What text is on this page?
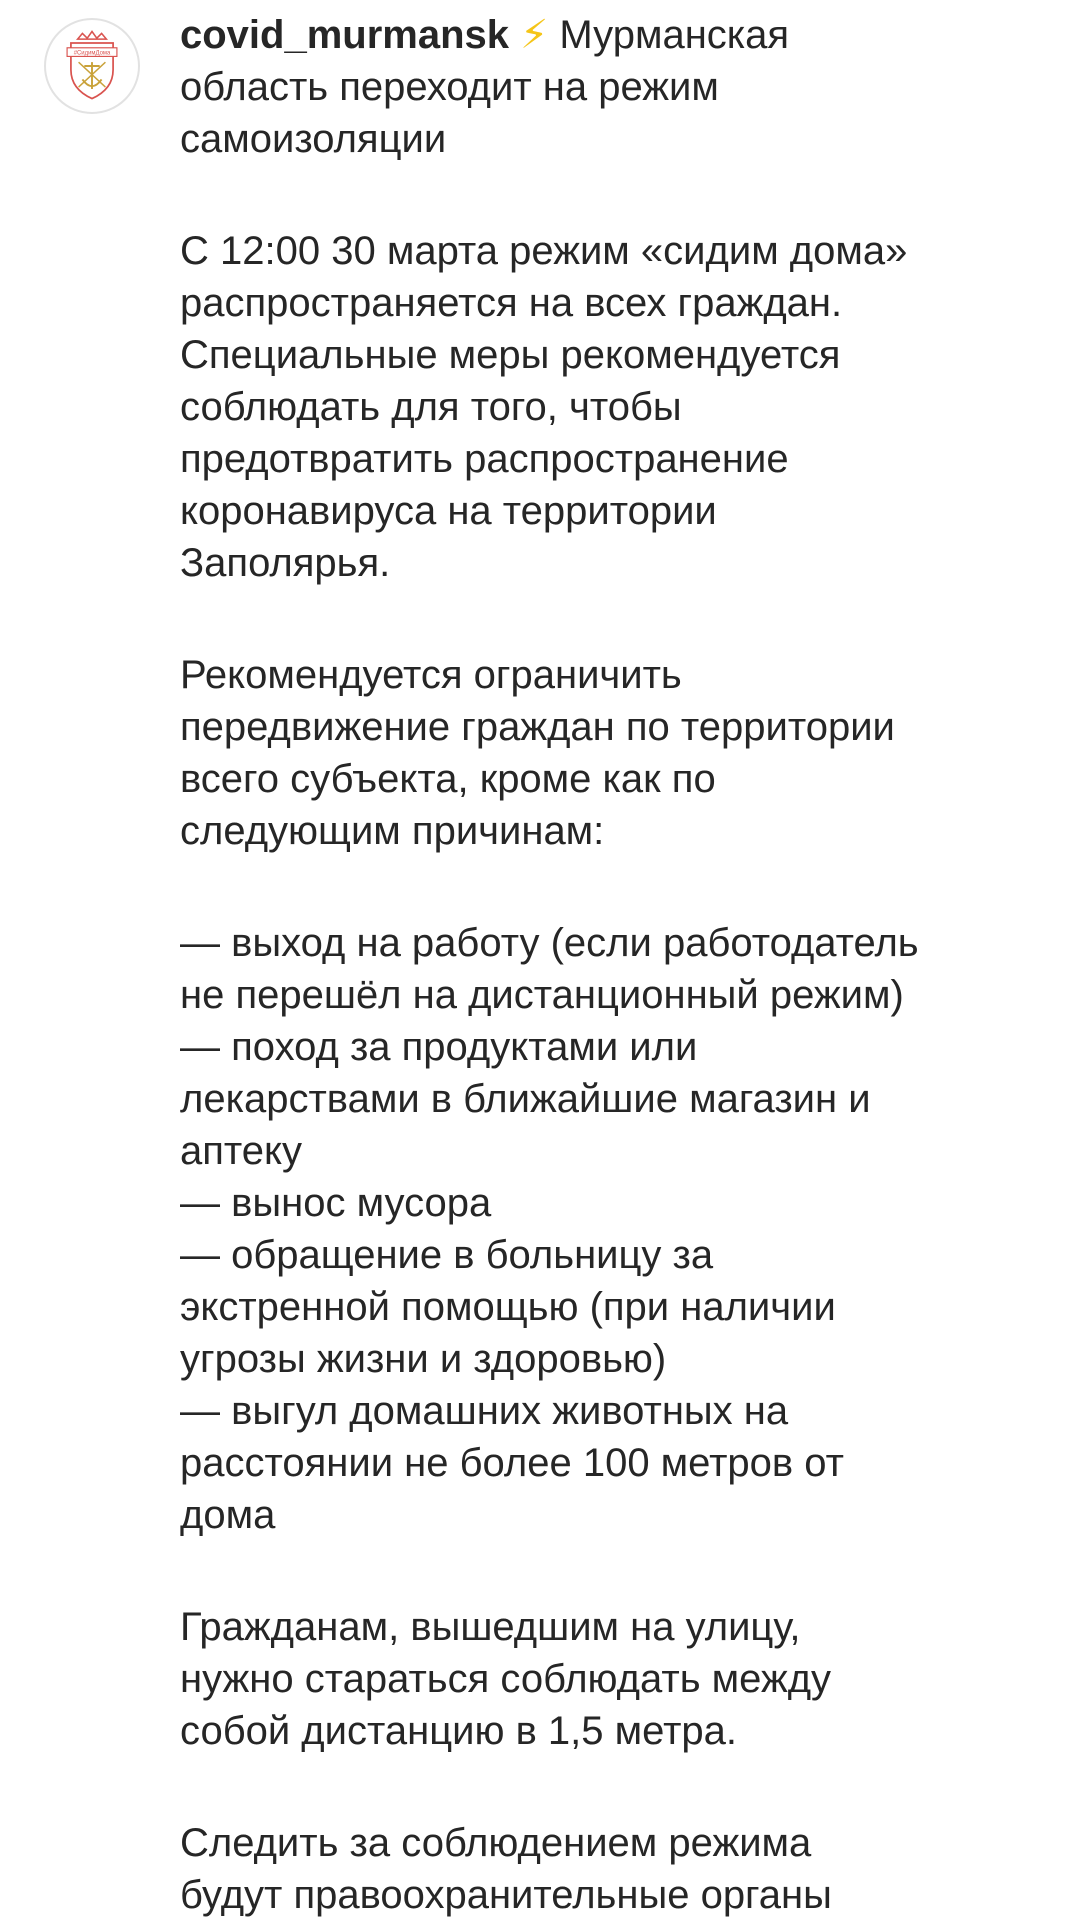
#СидимДома covid_murmansk ⚡ Мурманская
область переходит на режим
самоизоляции
С 12:00 30 марта режим «сидим дома»
распространяется на всех граждан.
Специальные меры рекомендуется
соблюдать для того, чтобы
предотвратить распространение
коронавируса на территории
Заполярья.
Рекомендуется ограничить
передвижение граждан по территории
всего субъекта, кроме как по
следующим причинам:
— выход на работу (если работодатель
не перешёл на дистанционный режим)
— поход за продуктами или
лекарствами в ближайшие магазин и
аптеку
— вынос мусора
— обращение в больницу за
экстренной помощью (при наличии
угрозы жизни и здоровью)
— выгул домашних животных на
расстоянии не более 100 метров от
дома
Гражданам, вышедшим на улицу,
нужно стараться соблюдать между
собой дистанцию в 1,5 метра.
Следить за соблюдением режима
будут правоохранительные органы
